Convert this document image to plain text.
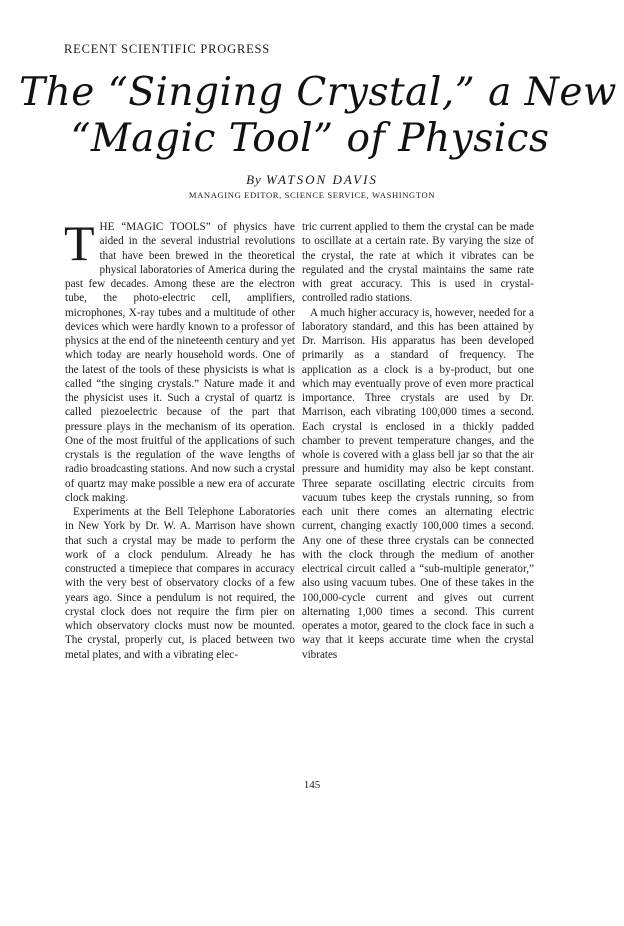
RECENT SCIENTIFIC PROGRESS
The “Singing Crystal,” a New
“Magic Tool” of Physics
By WATSON DAVIS
MANAGING EDITOR, SCIENCE SERVICE, WASHINGTON

THE “MAGIC TOOLS” of physics have aided in the several industrial revolutions that have been brewed in the theoretical physical laboratories of America during the past few decades. Among these are the electron tube, the photo-electric cell, amplifiers, microphones, X-ray tubes and a multitude of other devices which were hardly known to a professor of physics at the end of the nineteenth century and yet which today are nearly household words. One of the latest of the tools of these physicists is what is called “the singing crystals.” Nature made it and the physicist uses it. Such a crystal of quartz is called piezoelectric because of the part that pressure plays in the mechanism of its operation. One of the most fruitful of the applications of such crystals is the regulation of the wave lengths of radio broadcasting stations. And now such a crystal of quartz may make possible a new era of accurate clock making.

Experiments at the Bell Telephone Laboratories in New York by Dr. W. A. Marrison have shown that such a crystal may be made to perform the work of a clock pendulum. Already he has constructed a timepiece that compares in accuracy with the very best of observatory clocks of a few years ago. Since a pendulum is not required, the crystal clock does not require the firm pier on which observatory clocks must now be mounted. The crystal, properly cut, is placed between two metal plates, and with a vibrating elec-

tric current applied to them the crystal can be made to oscillate at a certain rate. By varying the size of the crystal, the rate at which it vibrates can be regulated and the crystal maintains the same rate with great accuracy. This is used in crystal-controlled radio stations.

A much higher accuracy is, however, needed for a laboratory standard, and this has been attained by Dr. Marrison. His apparatus has been developed primarily as a standard of frequency. The application as a clock is a by-product, but one which may eventually prove of even more practical importance. Three crystals are used by Dr. Marrison, each vibrating 100,000 times a second. Each crystal is enclosed in a thickly padded chamber to prevent temperature changes, and the whole is covered with a glass bell jar so that the air pressure and humidity may also be kept constant. Three separate oscillating electric circuits from vacuum tubes keep the crystals running, so from each unit there comes an alternating electric current, changing exactly 100,000 times a second. Any one of these three crystals can be connected with the clock through the medium of another electrical circuit called a “sub-multiple generator,” also using vacuum tubes. One of these takes in the 100,000-cycle current and gives out current alternating 1,000 times a second. This current operates a motor, geared to the clock face in such a way that it keeps accurate time when the crystal vibrates

145
